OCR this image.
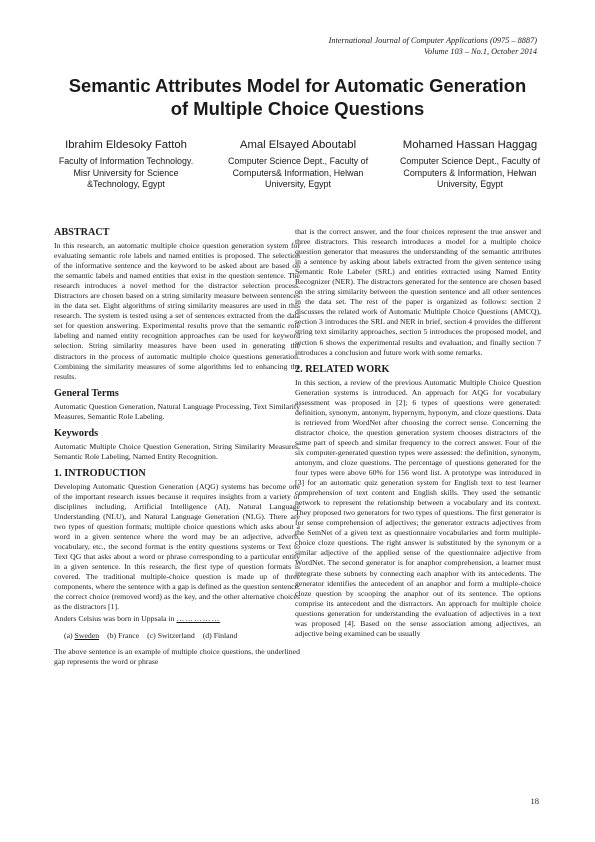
International Journal of Computer Applications (0975 – 8887)
Volume 103 – No.1, October 2014
Semantic Attributes Model for Automatic Generation
of Multiple Choice Questions
Ibrahim Eldesoky Fattoh
Faculty of Information Technology.
Misr University for Science
&Technology, Egypt
Amal Elsayed Aboutabl
Computer Science Dept., Faculty of
Computers& Information, Helwan
University, Egypt
Mohamed Hassan Haggag
Computer Science Dept., Faculty of
Computers & Information, Helwan
University, Egypt
ABSTRACT

In this research, an automatic multiple choice question generation system for evaluating semantic role labels and named entities is proposed. The selection of the informative sentence and the keyword to be asked about are based on the semantic labels and named entities that exist in the question sentence. The research introduces a novel method for the distractor selection process. Distractors are chosen based on a string similarity measure between sentences in the data set. Eight algorithms of string similarity measures are used in this research. The system is tested using a set of sentences extracted from the data set for question answering. Experimental results prove that the semantic role labeling and named entity recognition approaches can be used for keyword selection. String similarity measures have been used in generating the distractors in the process of automatic multiple choice questions generation. Combining the similarity measures of some algorithms led to enhancing the results.

General Terms

Automatic Question Generation, Natural Language Processing, Text Similarity Measures, Semantic Role Labeling.

Keywords

Automatic Multiple Choice Question Generation, String Similarity Measures, Semantic Role Labeling, Named Entity Recognition.

1. INTRODUCTION

Developing Automatic Question Generation (AQG) systems has become one of the important research issues because it requires insights from a variety of disciplines including, Artificial Intelligence (AI), Natural Language Understanding (NLU), and Natural Language Generation (NLG). There are two types of question formats; multiple choice questions which asks about a word in a given sentence where the word may be an adjective, adverb, vocabulary, etc., the second format is the entity questions systems or Text to Text QG that asks about a word or phrase corresponding to a particular entity in a given sentence. In this research, the first type of question formats is covered. The traditional multiple-choice question is made up of three components, where the sentence with a gap is defined as the question sentence, the correct choice (removed word) as the key, and the other alternative choices as the distractors [1].

Anders Celsius was born in Uppsala in ……………
(a) Sweden (b) France (c) Switzerland (d) Finland

The above sentence is an example of multiple choice questions, the underlined gap represents the word or phrase

that is the correct answer, and the four choices represent the true answer and three distractors. This research introduces a model for a multiple choice question generator that measures the understanding of the semantic attributes in a sentence by asking about labels extracted from the given sentence using Semantic Role Labeler (SRL) and entities extracted using Named Entity Recognizer (NER). The distractors generated for the sentence are chosen based on the string similarity between the question sentence and all other sentences in the data set. The rest of the paper is organized as follows: section 2 discusses the related work of Automatic Multiple Choice Questions (AMCQ), section 3 introduces the SRL and NER in brief, section 4 provides the different string text similarity approaches, section 5 introduces the proposed model, and section 6 shows the experimental results and evaluation, and finally section 7 introduces a conclusion and future work with some remarks.

2. RELATED WORK

In this section, a review of the previous Automatic Multiple Choice Question Generation systems is introduced. An approach for AQG for vocabulary assessment was proposed in [2]; 6 types of questions were generated: definition, synonym, antonym, hypernym, hyponym, and cloze questions. Data is retrieved from WordNet after choosing the correct sense. Concerning the distractor choice, the question generation system chooses distractors of the same part of speech and similar frequency to the correct answer. Four of the six computer-generated question types were assessed: the definition, synonym, antonym, and cloze questions. The percentage of questions generated for the four types were above 60% for 156 word list. A prototype was introduced in [3] for an automatic quiz generation system for English text to test learner comprehension of text content and English skills. They used the semantic network to represent the relationship between a vocabulary and its context. They proposed two generators for two types of questions. The first generator is for sense comprehension of adjectives; the generator extracts adjectives from the SemNet of a given text as questionnaire vocabularies and form multiple-choice cloze questions. The right answer is substituted by the synonym or a similar adjective of the applied sense of the questionnaire adjective from WordNet. The second generator is for anaphor comprehension, a learner must integrate these subnets by connecting each anaphor with its antecedents. The generator identifies the antecedent of an anaphor and form a multiple-choice cloze question by scooping the anaphor out of its sentence. The options comprise its antecedent and the distractors. An approach for multiple choice questions generation for understanding the evaluation of adjectives in a text was proposed [4]. Based on the sense association among adjectives, an adjective being examined can be usually

18
